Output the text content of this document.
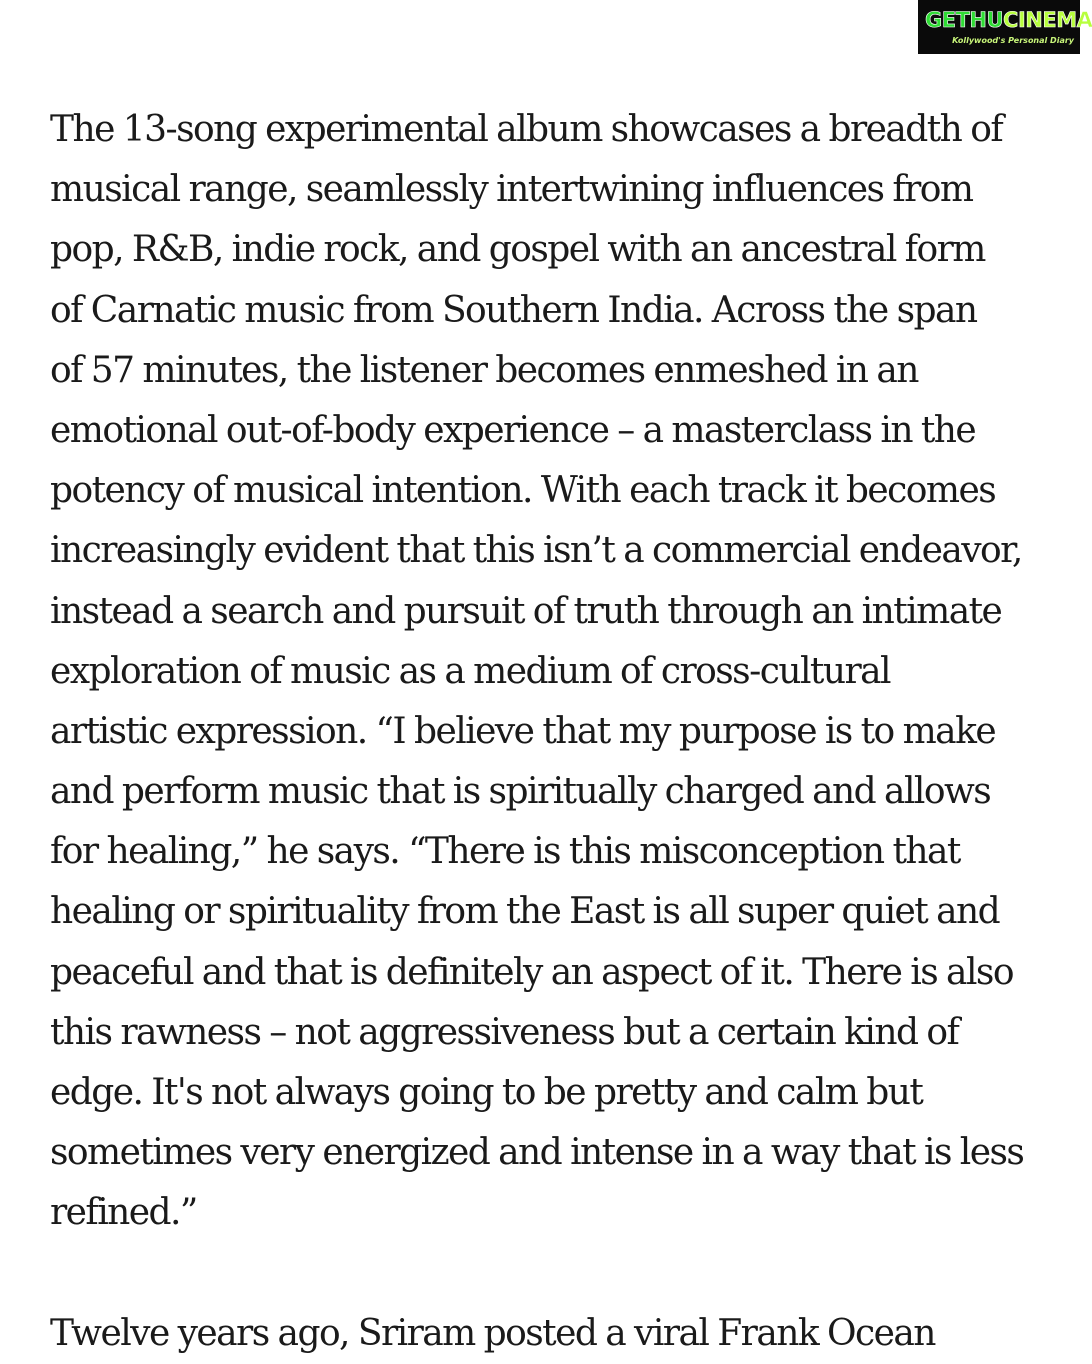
GETHUCINEMA
Kollywood's Personal Diary
The 13-song experimental album showcases a breadth of
musical range, seamlessly intertwining influences from
pop, R&B, indie rock, and gospel with an ancestral form
of Carnatic music from Southern India. Across the span
of 57 minutes, the listener becomes enmeshed in an
emotional out-of-body experience – a masterclass in the
potency of musical intention. With each track it becomes
increasingly evident that this isn’t a commercial endeavor,
instead a search and pursuit of truth through an intimate
exploration of music as a medium of cross-cultural
artistic expression. “I believe that my purpose is to make
and perform music that is spiritually charged and allows
for healing,” he says. “There is this misconception that
healing or spirituality from the East is all super quiet and
peaceful and that is definitely an aspect of it. There is also
this rawness – not aggressiveness but a certain kind of
edge. It's not always going to be pretty and calm but
sometimes very energized and intense in a way that is less
refined.”
Twelve years ago, Sriram posted a viral Frank Ocean
